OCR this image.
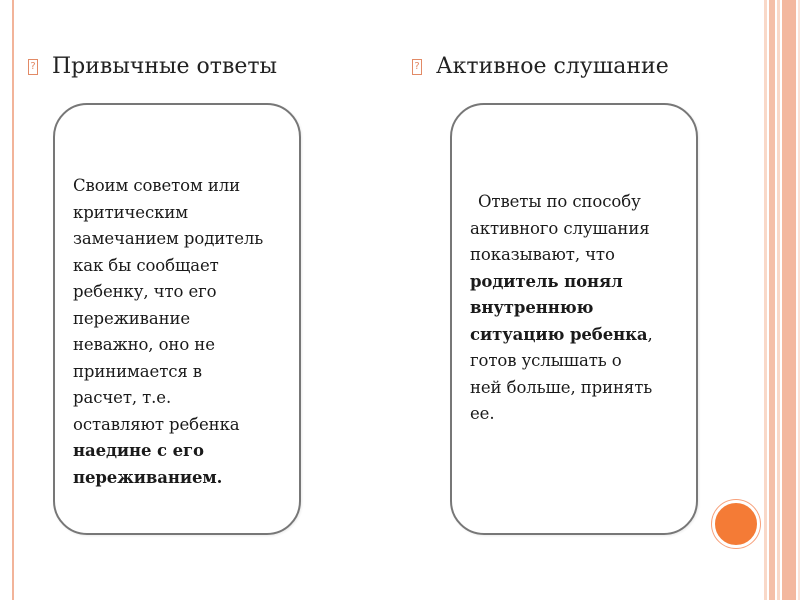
? Привычные ответы	? Активное слушание
Своим советом или
критическим
замечанием родитель
как бы сообщает
ребенку, что его
переживание
неважно, оно не
принимается в
расчет, т.е.
оставляют ребенка
наедине с его
переживанием.
Ответы по способу
активного слушания
показывают, что
родитель понял
внутреннюю
ситуацию ребенка,
готов услышать о
ней больше, принять
ее.
